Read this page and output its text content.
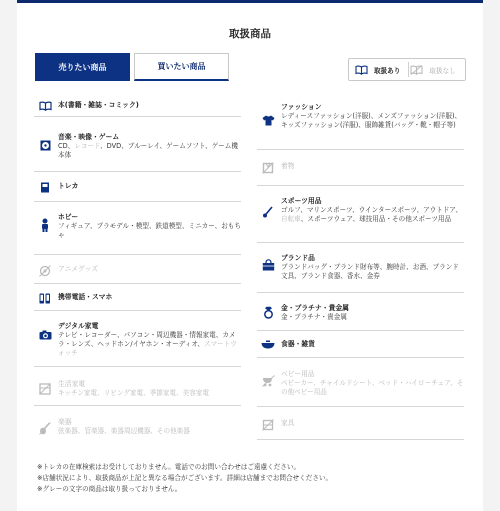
取扱商品
売りたい商品	買いたい商品	取扱あり	取扱なし
本(書籍・雑誌・コミック)
音楽・映像・ゲーム
CD、レコード、DVD、ブルーレイ、ゲームソフト、ゲーム機本体
トレカ
ホビー
フィギュア、プラモデル・模型、鉄道模型、ミニカー、おもちゃ
アニメグッズ
携帯電話・スマホ
デジタル家電
テレビ・レコーダー、パソコン・周辺機器・情報家電、カメラ・レンズ、ヘッドホン/イヤホン・オーディオ、スマートウォッチ
生活家電
キッチン家電、リビング家電、季節家電、美容家電
楽器
弦楽器、管楽器、楽器周辺機器、その他楽器
ファッション
レディースファッション(洋服)、メンズファッション(洋服)、キッズファッション(洋服)、服飾雑貨(バッグ・靴・帽子等)
着物
スポーツ用品
ゴルフ、マリンスポーツ、ウインタースポーツ、アウトドア、自転車、スポーツウェア、球技用品・その他スポーツ用品
ブランド品
ブランドバッグ・ブランド財布等、腕時計、お酒、ブランド文具、ブランド食器、香水、金券
金・プラチナ・貴金属
金・プラチナ・貴金属
食器・雑貨
ベビー用品
ベビーカー、チャイルドシート、ベッド・ハイローチェア、その他ベビー用品
家具
※トレカの在庫検索はお受けしておりません。電話でのお問い合わせはご遠慮ください。
※店舗状況により、取扱商品が上記と異なる場合がございます。詳細は店舗までお問合せください。
※グレーの文字の商品は取り扱っておりません。
